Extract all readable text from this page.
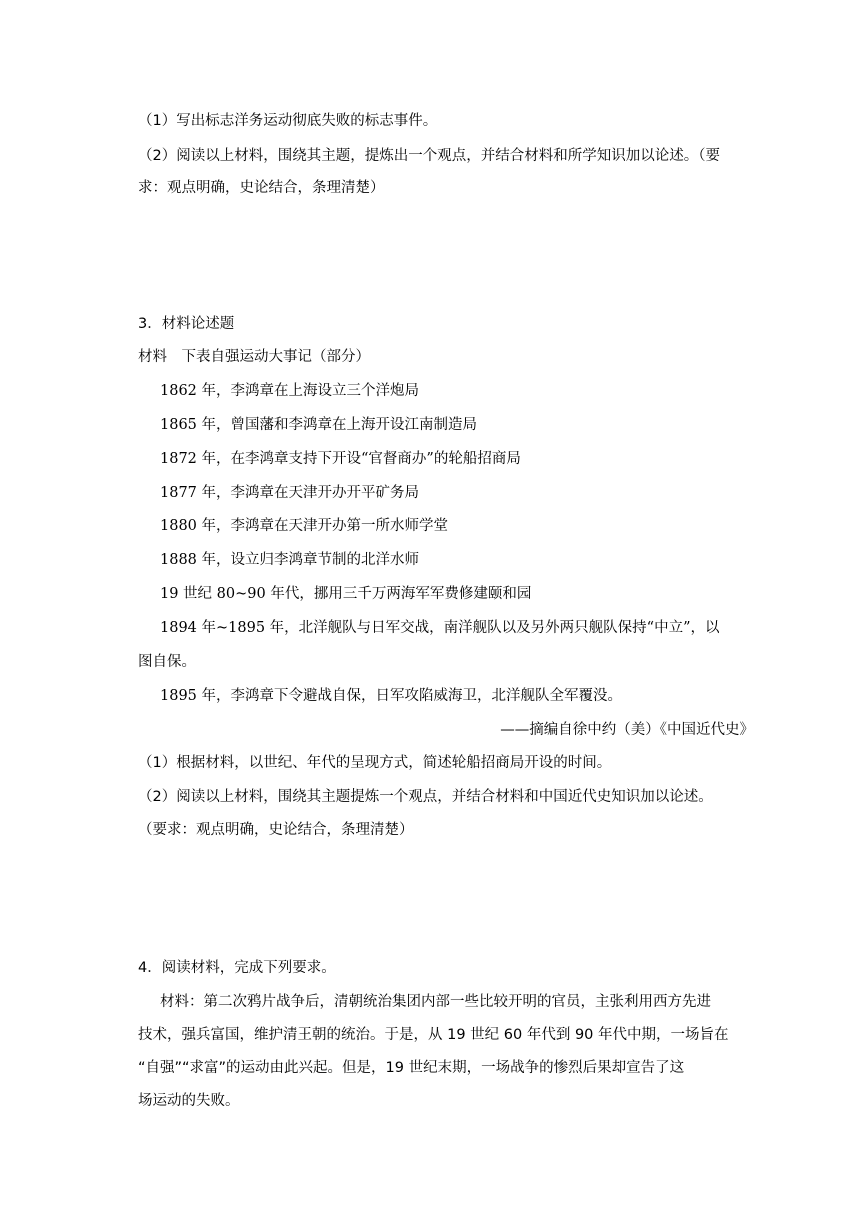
（1）写出标志洋务运动彻底失败的标志事件。
（2）阅读以上材料，围绕其主题，提炼出一个观点，并结合材料和所学知识加以论述。（要
求：观点明确，史论结合，条理清楚）
3．材料论述题
材料　下表自强运动大事记（部分）
1862 年，李鸿章在上海设立三个洋炮局
1865 年，曾国藩和李鸿章在上海开设江南制造局
1872 年，在李鸿章支持下开设“官督商办”的轮船招商局
1877 年，李鸿章在天津开办开平矿务局
1880 年，李鸿章在天津开办第一所水师学堂
1888 年，设立归李鸿章节制的北洋水师
19 世纪 80~90 年代，挪用三千万两海军军费修建颐和园
1894 年~1895 年，北洋舰队与日军交战，南洋舰队以及另外两只舰队保持“中立”，以
图自保。
1895 年，李鸿章下令避战自保，日军攻陷威海卫，北洋舰队全军覆没。
——摘编自徐中约（美）《中国近代史》
（1）根据材料，以世纪、年代的呈现方式，简述轮船招商局开设的时间。
（2）阅读以上材料，围绕其主题提炼一个观点，并结合材料和中国近代史知识加以论述。
（要求：观点明确，史论结合，条理清楚）
4．阅读材料，完成下列要求。
材料：第二次鸦片战争后，清朝统治集团内部一些比较开明的官员，主张利用西方先进
技术，强兵富国，维护清王朝的统治。于是，从 19 世纪 60 年代到 90 年代中期，一场旨在
“自强”“求富”的运动由此兴起。但是，19 世纪末期，一场战争的惨烈后果却宣告了这
场运动的失败。
